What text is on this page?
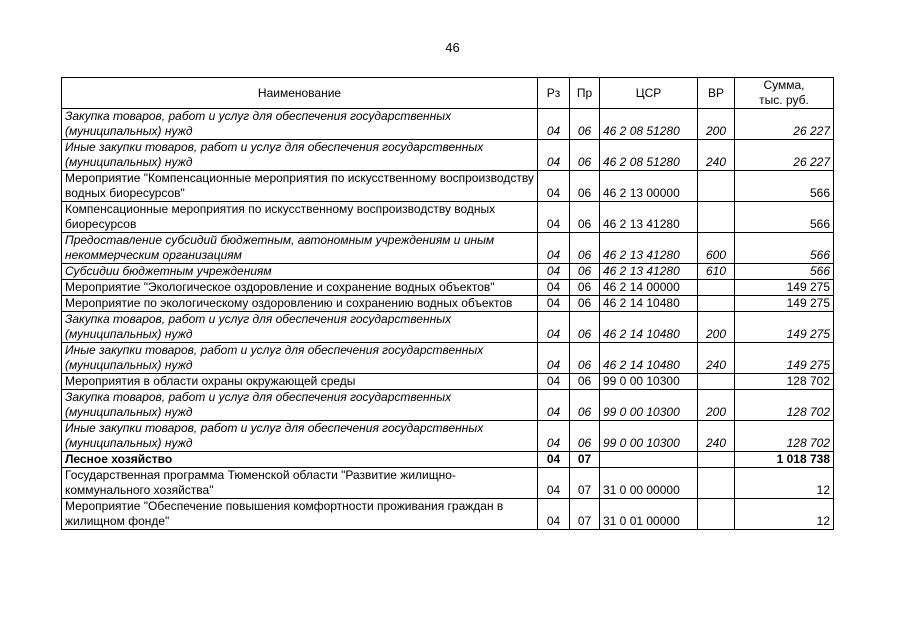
46
Наименование	Рз	Пр	ЦСР	ВР	Сумма,
тыс. руб.
Закупка товаров, работ и услуг для обеспечения государственных (муниципальных) нужд	04	06	46 2 08 51280	200	26 227
Иные закупки товаров, работ и услуг для обеспечения государственных (муниципальных) нужд	04	06	46 2 08 51280	240	26 227
Мероприятие "Компенсационные мероприятия по искусственному воспроизводству водных биоресурсов"	04	06	46 2 13 00000		566
Компенсационные мероприятия по искусственному воспроизводству водных биоресурсов	04	06	46 2 13 41280		566
Предоставление субсидий бюджетным, автономным учреждениям и иным некоммерческим организациям	04	06	46 2 13 41280	600	566
Субсидии бюджетным учреждениям	04	06	46 2 13 41280	610	566
Мероприятие "Экологическое оздоровление и сохранение водных объектов"	04	06	46 2 14 00000		149 275
Мероприятие по экологическому оздоровлению и сохранению водных объектов	04	06	46 2 14 10480		149 275
Закупка товаров, работ и услуг для обеспечения государственных (муниципальных) нужд	04	06	46 2 14 10480	200	149 275
Иные закупки товаров, работ и услуг для обеспечения государственных (муниципальных) нужд	04	06	46 2 14 10480	240	149 275
Мероприятия в области охраны окружающей среды	04	06	99 0 00 10300		128 702
Закупка товаров, работ и услуг для обеспечения государственных (муниципальных) нужд	04	06	99 0 00 10300	200	128 702
Иные закупки товаров, работ и услуг для обеспечения государственных (муниципальных) нужд	04	06	99 0 00 10300	240	128 702
Лесное хозяйство	04	07			1 018 738
Государственная программа Тюменской области "Развитие жилищно-коммунального хозяйства"	04	07	31 0 00 00000		12
Мероприятие "Обеспечение повышения комфортности проживания граждан в жилищном фонде"	04	07	31 0 01 00000		12
